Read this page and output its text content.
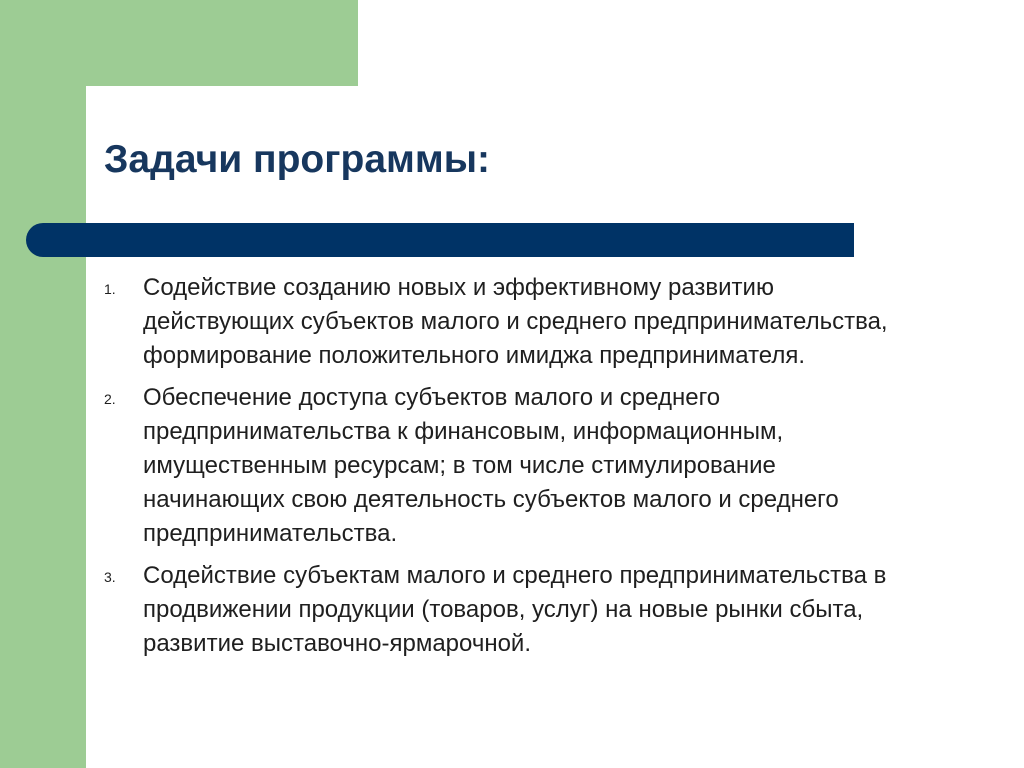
Задачи программы:
1. Содействие созданию новых и эффективному развитию действующих субъектов малого и среднего предпринимательства, формирование положительного имиджа предпринимателя.
2. Обеспечение доступа субъектов малого и среднего предпринимательства к финансовым, информационным, имущественным ресурсам; в том числе стимулирование начинающих свою деятельность субъектов малого и среднего предпринимательства.
3. Содействие субъектам малого и среднего предпринимательства в продвижении продукции (товаров, услуг) на новые рынки сбыта, развитие выставочно-ярмарочной.
